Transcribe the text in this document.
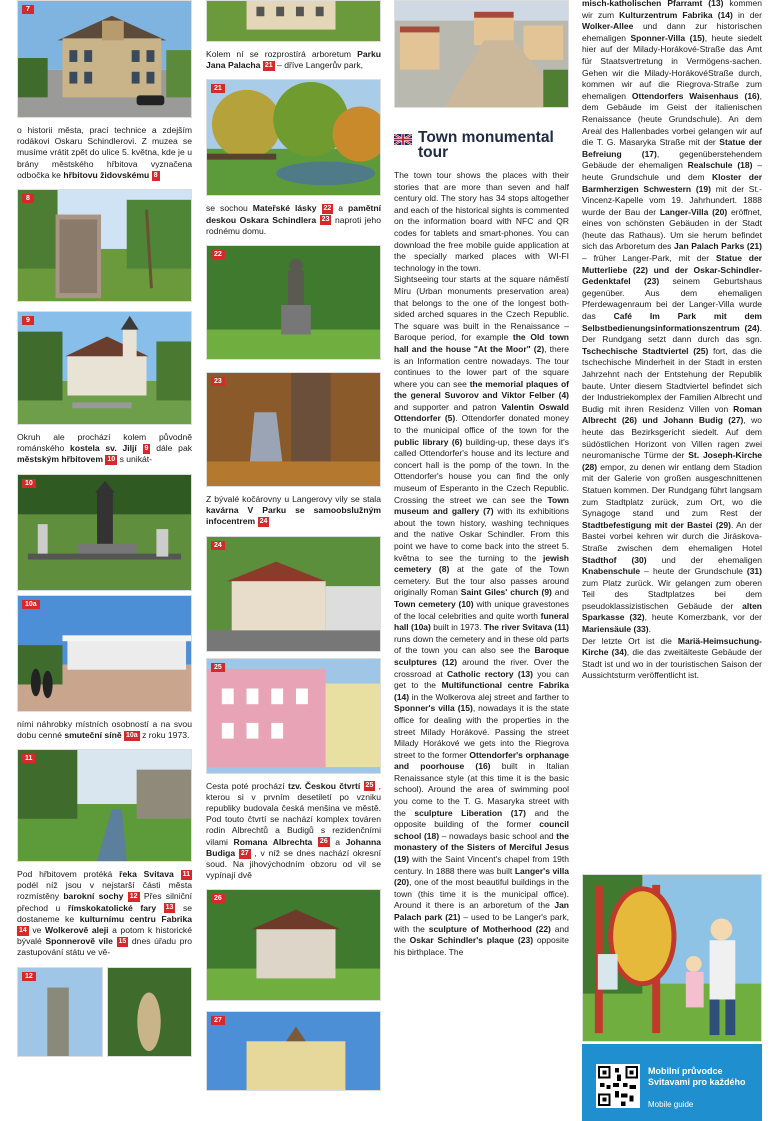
7

o historii města, prací technice a zdejším rodákovi Oskaru Schindlerovi. Z muzea se musíme vrátit zpět do ulice 5. května, kde je u brány městského hřbitova vyznačena odbočka ke hřbitovu židovskému 8

8
9

Okruh ale prochází kolem původně románského kostela sv. Jiljí 9 dále pak městským hřbitovem 10 s unikát-

10
10a

ními náhrobky místních osobností a na svou dobu cenné smuteční síně 10a z roku 1973.

11

Pod hřbitovem protéká řeka Svitava 11 podél níž jsou v nejstarší části města rozmístěny barokní sochy 12 Přes silniční přechod u římskokatolické fary 13 se dostaneme ke kulturnímu centru Fabrika 14 ve Wolkerově aleji a potom k historické bývalé Sponnerově vile 15 dnes úřadu pro zastupování státu ve vě-

12

Kolem ní se rozprostírá arboretum Parku Jana Palacha 21 – dříve Langerův park,

21

se sochou Mateřské lásky 22 a pamětní deskou Oskara Schindlera 23 naproti jeho rodnému domu.

22
23

Z bývalé kočárovny u Langerovy vily se stala kavárna V Parku se samoobslužným infocentrem 24

24
25

Cesta poté prochází tzv. Českou čtvrtí 25 , kterou si v prvním desetiletí po vzniku republiky budovala česká menšina ve městě. Pod touto čtvrtí se nachází komplex továren rodin Albrechtů a Budigů s rezidenčními vilami Romana Albrechta 26 a Johanna Budiga 27 , v níž se dnes nachází okresní soud. Na jihovýchodním obzoru od vil se vypínají dvě

26
27
Town monumental tour

The town tour shows the places with their stories that are more than seven and half century old. The story has 34 stops altogether and each of the historical sights is commented on the information board with NFC and QR codes for tablets and smart-phones. You can download the free mobile guide application at the specially marked places with WI-FI technology in the town.

Sightseeing tour starts at the square náměstí Míru (Urban monuments preservation area) that belongs to the one of the longest both-sided arched squares in the Czech Republic. The square was built in the Renaissance – Baroque period, for example the Old town hall and the house "At the Moor" (2), there is an Information centre nowadays. The tour continues to the lower part of the square where you can see the memorial plaques of the general Suvorov and Viktor Felber (4) and supporter and patron Valentin Oswald Ottendorfer (5). Ottendorfer donated money to the municipal office of the town for the public library (6) building-up, these days it's called Ottendorfer's house and its lecture and concert hall is the pomp of the town. In the Ottendorfer's house you can find the only museum of Esperanto in the Czech Republic. Crossing the street we can see the Town museum and gallery (7) with its exhibitions about the town history, washing techniques and the native Oskar Schindler. From this point we have to come back into the street 5. května to see the turning to the jewish cemetery (8) at the gate of the Town cemetery. But the tour also passes around originally Roman Saint Giles' church (9) and Town cemetery (10) with unique gravestones of the local celebrities and quite worth funeral hall (10a) built in 1973. The river Svitava (11) runs down the cemetery and in these old parts of the town you can also see the Baroque sculptures (12) around the river. Over the crossroad at Catholic rectory (13) you can get to the Multifunctional centre Fabrika (14) in the Wolkerova alej street and farther to Sponner's villa (15), nowadays it is the state office for dealing with the properties in the street Milady Horákové. Passing the street Milady Horákové we gets into the Riegrova street to the former Ottendorfer's orphanage and poorhouse (16) built in Italian Renaissance style (at this time it is the basic school). Around the area of swimming pool you come to the T. G. Masaryka street with the sculpture Liberation (17) and the opposite building of the former council school (18) – nowadays basic school and the monastery of the Sisters of Merciful Jesus (19) with the Saint Vincent's chapel from 19th century. In 1888 there was built Langer's villa (20), one of the most beautiful buildings in the town (this time it is the municipal office). Around it there is an arboretum of the Jan Palach park (21) – used to be Langer's park, with the sculpture of Motherhood (22) and the Oskar Schindler's plaque (23) opposite his birthplace. The

misch-katholischen Pfarramt (13) kommen wir zum Kulturzentrum Fabrika (14) in der Wolker-Allee und dann zur historischen ehemaligen Sponner-Villa (15), heute siedelt hier auf der Milady-Horákové-Straße das Amt für Staatsvertretung in Vermögens-sachen. Gehen wir die Milady-HorákovéStraße durch, kommen wir auf die Riegrova-Straße zum ehemaligen Ottendorfers Waisenhaus (16), dem Gebäude im Geist der italienischen Renaissance (heute Grundschule). An dem Areal des Hallenbades vorbei gelangen wir auf die T. G. Masaryka Straße mit der Statue der Befreiung (17), gegenüberstehendem Gebäude der ehemaligen Realschule (18) – heute Grundschule und dem Kloster der Barmherzigen Schwestern (19) mit der St.-Vincenz-Kapelle vom 19. Jahrhundert. 1888 wurde der Bau der Langer-Villa (20) eröffnet, eines von schönsten Gebäuden in der Stadt (heute das Rathaus). Um sie herum befindet sich das Arboretum des Jan Palach Parks (21) – früher Langer-Park, mit der Statue der Mutterliebe (22) und der Oskar-Schindler-Gedenktafel (23) seinem Geburtshaus gegenüber. Aus dem ehemaligen Pferdewagenraum bei der Langer-Villa wurde das Café Im Park mit dem Selbstbedienungsinformationszentrum (24). Der Rundgang setzt dann durch das sgn. Tschechische Stadtviertel (25) fort, das die tschechische Minderheit in der Stadt in ersten Jahrzehnt nach der Entstehung der Republik baute. Unter diesem Stadtviertel befindet sich der Industriekomplex der Familien Albrecht und Budig mit ihren Residenz Villen von Roman Albrecht (26) und Johann Budig (27), wo heute das Bezirksgericht siedelt. Auf dem südöstlichen Horizont von Villen ragen zwei neuromanische Türme der St. Joseph-Kirche (28) empor, zu denen wir entlang dem Stadion mit der Galerie von großen ausgeschnittenen Statuen kommen. Der Rundgang führt langsam zum Stadtplatz zurück, zum Ort, wo die Synagoge stand und zum Rest der Stadtbefestigung mit der Bastei (29). An der Bastei vorbei kehren wir durch die Jiráskova-Straße zwischen dem ehemaligen Hotel Stadthof (30) und der ehemaligen Knabenschule – heute der Grundschule (31) zum Platz zurück. Wir gelangen zum oberen Teil des Stadtplatzes bei dem pseudoklassizistischen Gebäude der alten Sparkasse (32), heute Komerzbank, vor der Mariensäule (33).

Der letzte Ort ist die Mariä-Heimsuchung-Kirche (34), die das zweitälteste Gebäude der Stadt ist und wo in der touristischen Saison der Aussichtsturm veröffentlicht ist.

Mobilní průvodce Svitavami pro každého
Mobile guide
